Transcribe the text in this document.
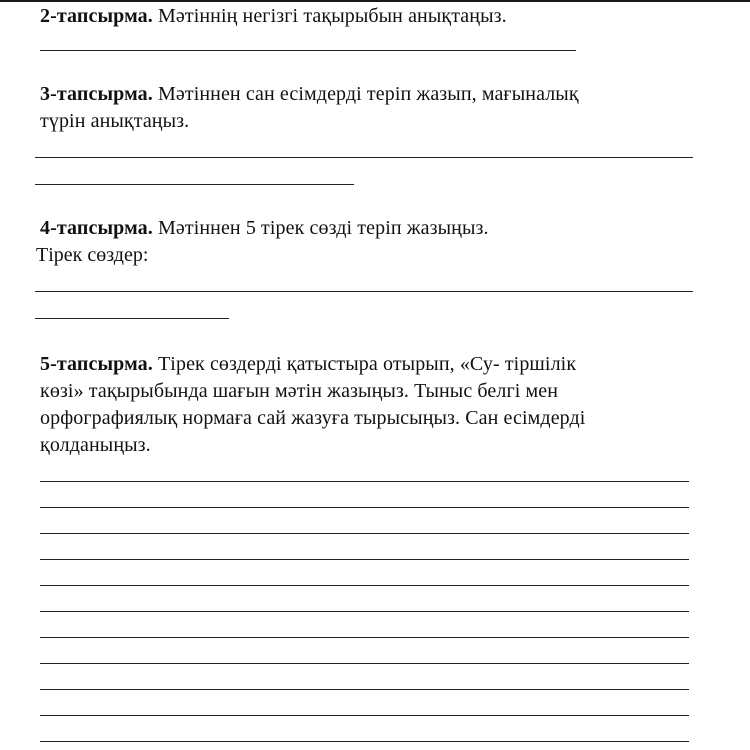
2-тапсырма. Мәтіннің негізгі тақырыбын анықтаңыз.
3-тапсырма. Мәтіннен сан есімдерді теріп жазып, мағыналық
түрін анықтаңыз.
4-тапсырма. Мәтіннен 5 тірек сөзді теріп жазыңыз.
Тірек сөздер:
5-тапсырма. Тірек сөздерді қатыстыра отырып, «Су- тіршілік
көзі» тақырыбында шағын мәтін жазыңыз. Тыныс белгі мен
орфографиялық нормаға сай жазуға тырысыңыз. Сан есімдерді
қолданыңыз.
